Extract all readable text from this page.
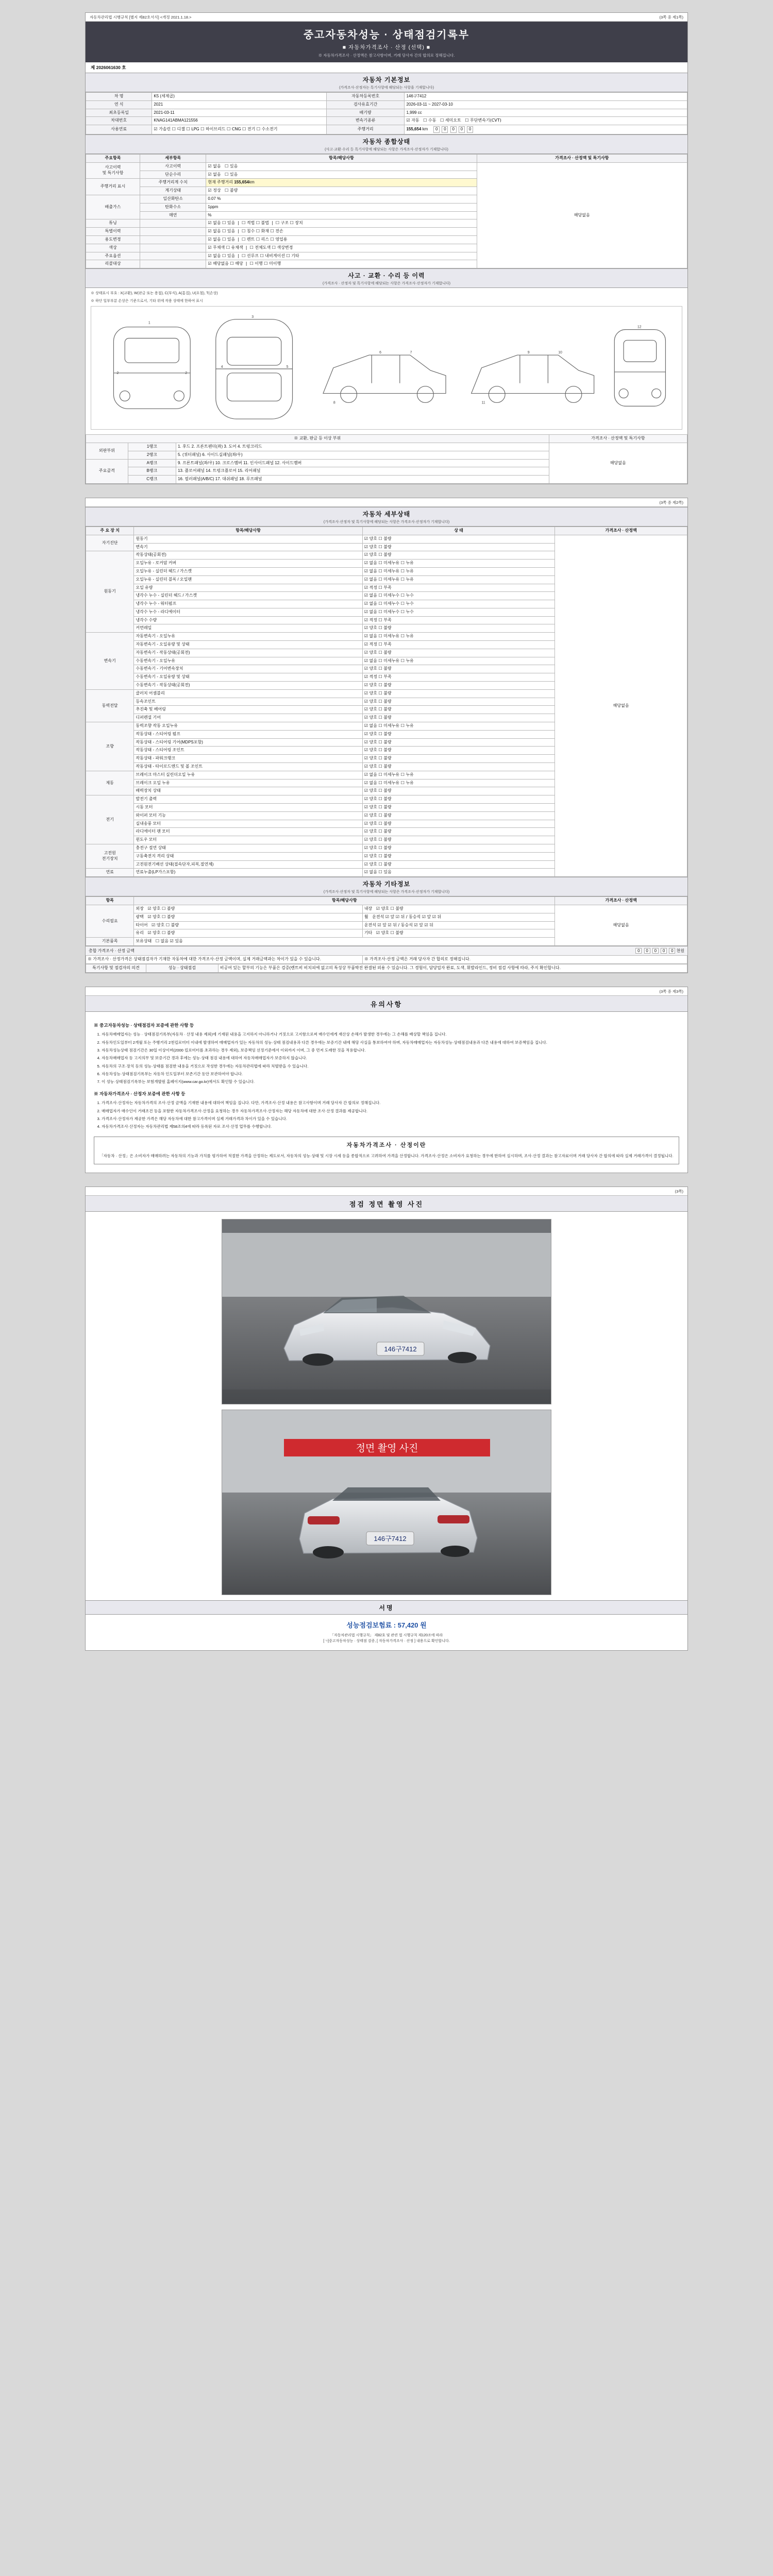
자동차관리법 시행규칙 [별지 제82호서식] <개정 2021.1.18.>	(3쪽 중 제1쪽)
중고자동차성능 · 상태점검기록부
■ 자동차가격조사 · 산정 (선택) ■
※ 자동차가격조사 · 산정액은 참고사항이며, 거래 당사자 간의 합의로 정해집니다.
제 2026061630 호
자동차 기본정보
(가격조사·산정자는 특기사항에 해당되는 사항을 기재합니다)
차 명	K5 (세제곱)	자동차등록번호	146구7412
연 식	2021	검사유효기간	2026-03-11 ~ 2027-03-10
최초등록일	2021-03-11	배기량	1,999 cc
차대번호	KNAG141ABMA121556	변속기종류	☑ 자동   ☐ 수동   ☐ 세미오토   ☐ 무단변속기(CVT)
사용연료	☑ 가솔린 ☐ 디젤 ☐ LPG ☐ 하이브리드 ☐ CNG ☐ 전기 ☐ 수소전기	주행거리	155,654 km 0 0 0 0 0
자동차 종합상태
(사고·교환·수리 등 특기사항에 해당되는 사항은 가격조사·산정자가 기재합니다)
주요항목	세부항목	항목/해당사항	가격조사 · 산정액 및 특기사항
사고이력
및 특기사항	사고이력	☑ 없음   ☐ 있음	해당없음
	단순수리	☑ 없음   ☐ 있음	
주행거리 표시	주행거리계 수치	현재 주행거리 155,654km	
	계기상태	☑ 정상   ☐ 불량	
배출가스	일산화탄소	0.07 %	
	탄화수소	1ppm	
	매연	%	
튜닝		☑ 없음 ☐ 있음  |  ☐ 적법 ☐ 불법  |  ☐ 구조 ☐ 장치	
특별이력		☑ 없음 ☐ 있음  |  ☐ 침수 ☐ 화재 ☐ 전손	
용도변경		☑ 없음 ☐ 있음  |  ☐ 렌트 ☐ 리스 ☐ 영업용	
색상		☑ 무채색 ☐ 유채색  |  ☐ 전체도색 ☐ 색상변경	
주요옵션		☑ 없음 ☐ 있음  |  ☐ 선루프 ☐ 내비게이션 ☐ 기타	
리콜대상		☑ 해당없음 ☐ 해당  |  ☐ 이행 ☐ 미이행	
사고 · 교환 · 수리 등 이력
(가격조사 · 산정자 및 특기사항에 해당되는 사항은 가격조사·산정자가 기재합니다)
※ 상태표시 부호 : X(교환), W(판금 또는 용접), C(부식), A(흠집), U(요철), T(손상)
※ 하단 일부부분 손상은 기준으로서, 기타 위에 작용 상태에 한하여 표시
1
2	2
3
4	5
6	7
8
9	10
11
12
※ 교환, 판금 등 이상 부위			가격조사 · 산정액 및 특기사항
외판부위	1랭크	1. 후드 2. 프론트펜더(좌) 3. 도어 4. 트렁크리드	해당없음
	2랭크	5. (쿼터패널) 6. 사이드실패널(좌/우)	
주요골격	A랭크	9. 프론트패널(좌/우) 10. 크로스멤버 11. 인사이드패널 12. 사이드멤버	
	B랭크	13. 플로어패널 14. 트렁크플로어 15. 리어패널	
	C랭크	16. 필러패널(A/B/C) 17. 대쉬패널 18. 루프패널	
(3쪽 중 제2쪽)
자동차 세부상태
(가격조사·산정자 및 특기사항에 해당되는 사항은 가격조사·산정자가 기재합니다)
주 요 장 치	항목/해당사항	상 태	가격조사 · 산정액
자기진단	원동기	☑ 양호 ☐ 불량	해당없음
	변속기	☑ 양호 ☐ 불량	
원동기	작동상태(공회전)	☑ 양호 ☐ 불량	
	오일누유 - 로커암 커버	☑ 없음 ☐ 미세누유 ☐ 누유	
	오일누유 - 실린더 헤드 / 가스켓	☑ 없음 ☐ 미세누유 ☐ 누유	
	오일누유 - 실린더 블록 / 오일팬	☑ 없음 ☐ 미세누유 ☐ 누유	
	오일 유량	☑ 적정 ☐ 부족	
	냉각수 누수 - 실린더 헤드 / 가스켓	☑ 없음 ☐ 미세누수 ☐ 누수	
	냉각수 누수 - 워터펌프	☑ 없음 ☐ 미세누수 ☐ 누수	
	냉각수 누수 - 라디에이터	☑ 없음 ☐ 미세누수 ☐ 누수	
	냉각수 수량	☑ 적정 ☐ 부족	
	커먼레일	☑ 양호 ☐ 불량	
변속기	자동변속기 - 오일누유	☑ 없음 ☐ 미세누유 ☐ 누유	
	자동변속기 - 오일유량 및 상태	☑ 적정 ☐ 부족	
	자동변속기 - 작동상태(공회전)	☑ 양호 ☐ 불량	
	수동변속기 - 오일누유	☑ 없음 ☐ 미세누유 ☐ 누유	
	수동변속기 - 기어변속장치	☑ 양호 ☐ 불량	
	수동변속기 - 오일유량 및 상태	☑ 적정 ☐ 부족	
	수동변속기 - 작동상태(공회전)	☑ 양호 ☐ 불량	
동력전달	클러치 어셈블리	☑ 양호 ☐ 불량	
	등속조인트	☑ 양호 ☐ 불량	
	추진축 및 베어링	☑ 양호 ☐ 불량	
	디퍼렌셜 기어	☑ 양호 ☐ 불량	
조향	동력조향 작동 오일누유	☑ 없음 ☐ 미세누유 ☐ 누유	
	작동상태 - 스티어링 펌프	☑ 양호 ☐ 불량	
	작동상태 - 스티어링 기어(MDPS포함)	☑ 양호 ☐ 불량	
	작동상태 - 스티어링 조인트	☑ 양호 ☐ 불량	
	작동상태 - 파워크랭크	☑ 양호 ☐ 불량	
	작동상태 - 타이로드엔드 및 볼 조인트	☑ 양호 ☐ 불량	
제동	브레이크 마스터 실린더오일 누유	☑ 없음 ☐ 미세누유 ☐ 누유	
	브레이크 오일 누유	☑ 없음 ☐ 미세누유 ☐ 누유	
	배력장치 상태	☑ 양호 ☐ 불량	
전기	발전기 출력	☑ 양호 ☐ 불량	
	시동 모터	☑ 양호 ☐ 불량	
	와이퍼 모터 기능	☑ 양호 ☐ 불량	
	실내송풍 모터	☑ 양호 ☐ 불량	
	라디에이터 팬 모터	☑ 양호 ☐ 불량	
	윈도우 모터	☑ 양호 ☐ 불량	
고전원
전기장치	충전구 절연 상태	☑ 양호 ☐ 불량	
	구동축전지 격리 상태	☑ 양호 ☐ 불량	
	고전원전기배선 상태(접속단자,피복,절연체)	☑ 양호 ☐ 불량	
연료	연료누출(LP가스포함)	☑ 없음 ☐ 있음	
자동차 기타정보
(가격조사·산정자 및 특기사항에 해당되는 사항은 가격조사·산정자가 기재합니다)
항목	항목/해당사항		가격조사 · 산정액
수리필요	외장   ☑ 양호 ☐ 불량	내장   ☑ 양호 ☐ 불량	해당없음
	광택   ☑ 양호 ☐ 불량	휠   운전석 ☑ 앞 ☑ 뒤 / 동승석 ☑ 앞 ☑ 뒤	
	타이어   ☑ 양호 ☐ 불량	운전석 ☑ 앞 ☑ 뒤 / 동승석 ☑ 앞 ☑ 뒤	
	유리   ☑ 양호 ☐ 불량	기타   ☑ 양호 ☐ 불량	
기본품목	보유상태   ☐ 없음 ☑ 있음		
총합 가격조사 · 산정 금액	0 0 0 0 0 천원
※ 가격조사 · 산정가격은 상태점검자가 기재한 자동차에 대한 가격조사·산정 금액이며, 실제 거래금액과는 차이가 있을 수 있습니다.	※ 가격조사·산정 금액은 거래 당사자 간 합의로 정해집니다.
특기사항 및 점검자의 의견	성능 · 상태점검	비공여 있는 할부의 기능은 부품은 검증(렌트비 비치피에 없고의 특성상 부품박진 완결된 외용 수 있습니다. 그 경험이, 담당업자 완료, 도색, 휘발라인드, 정비 점검 사항에 따라, 주지 확인합니다.
(3쪽 중 제3쪽)
유의사항
※ 중고자동차성능 · 상태점검자 보증에 관한 사항 등
1. 자동차매매업자는 성능 · 상태점검기록부(자동차 · 산정 내용 제외)에 기재된 내용을 고지하지 아니하거나 거짓으로 고지함으로써 매수인에게 재산상 손해가 발생한 경우에는 그 손해를 배상할 책임을 집니다.
2. 자동차인도일부터 2개월 또는 주행거리 2천킬로미터 이내에 발생하여 매매업자가 있는 자동차의 성능·상태 점검내용과 다른 경우에는 보증기간 내에 해당 사실을 통보하여야 하며, 자동차매매업자는 자동차성능·상태점검내용과 다른 내용에 대하여 보증책임을 집니다.
3. 자동차성능상태 점검기간은 30일 이상이며(2000 킬로미터를 초과하는 경우 제외), 보증책임 선정기준에서 이외까지 이며, 그 중 먼저 도래한 것을 적용합니다.
4. 자동차매매업자 등 고지의무 및 보증기간 경과 후에는 성능·상태 점검 내용에 대하여 자동차매매업자가 보증하지 않습니다.
5. 자동차의 구조·장치 등의 성능·상태를 점검한 내용을 거짓으로 작성한 경우에는 자동차관리법에 따라 처벌받을 수 있습니다.
6. 자동차성능·상태점검기록부는 자동차 인도일부터 보존기간 동안 보관하여야 합니다.
7. 이 성능·상태점검기록부는 보험개발원 홈페이지(www.car.go.kr)에서도 확인할 수 있습니다.
※ 자동차가격조사 · 산정자 보증에 관한 사항 등
1. 가격조사·산정자는 자동차가격의 조사·산정 금액을 기재한 내용에 대하여 책임을 집니다. 다만, 가격조사·산정 내용은 참고사항이며 거래 당사자 간 합의로 정해집니다.
2. 매매업자가 매수인이 거래조건 등을 포함한 자동차가격조사·산정을 요청하는 경우 자동차가격조사·산정자는 해당 자동차에 대한 조사·산정 결과를 제공합니다.
3. 가격조사·산정자가 제공한 가격은 해당 자동차에 대한 참고가격이며 실제 거래가격과 차이가 있을 수 있습니다.
4. 자동차가격조사·산정자는 자동차관리법 제58조의4에 따라 등록된 자로 조사·산정 업무를 수행합니다.
자동차가격조사 · 산정이란
「자동차 · 산정」은 소비자가 매매하려는 자동차의 기능과 가치를 평가하여 적절한 가격을 산정하는 제도로서, 자동차의 성능·상태 및 시장 시세 등을 종합적으로 고려하여 가격을 산정합니다. 가격조사·산정은 소비자가 요청하는 경우에 한하여 실시하며, 조사·산정 결과는 참고자료이며 거래 당사자 간 합의에 따라 실제 거래가격이 결정됩니다.
(3쪽)
점검 정면 촬영 사진
146구7412
146구7412
정면 촬영 사진
서명
성능점검보험료 : 57,420 원
「자동차관리법 시행규칙」 제82호 및 관련 법 시행규칙 제120조에 따라
[ㄱ]중고자동차성능 · 상태점 검증, [ 자동차가격조사 · 산정 ] 내용으로 확인합니다.
